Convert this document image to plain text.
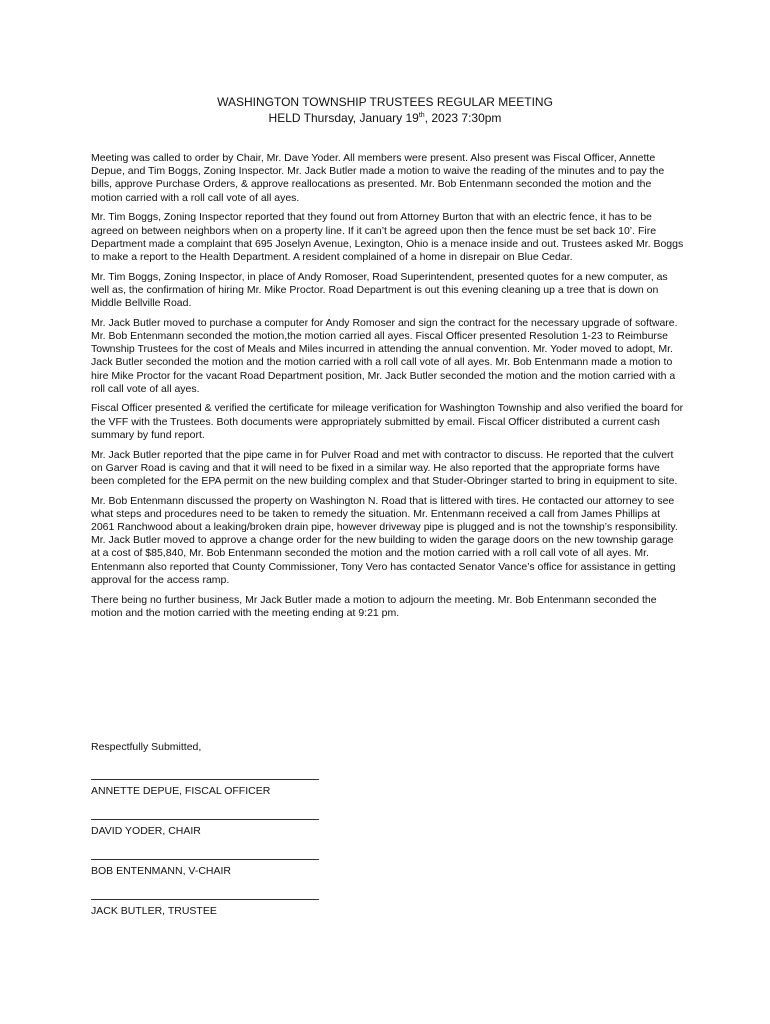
WASHINGTON TOWNSHIP TRUSTEES REGULAR MEETING
HELD Thursday, January 19th, 2023 7:30pm

Meeting was called to order by Chair, Mr. Dave Yoder. All members were present. Also present was Fiscal Officer, Annette Depue, and Tim Boggs, Zoning Inspector. Mr. Jack Butler made a motion to waive the reading of the minutes and to pay the bills, approve Purchase Orders, & approve reallocations as presented. Mr. Bob Entenmann seconded the motion and the motion carried with a roll call vote of all ayes.

Mr. Tim Boggs, Zoning Inspector reported that they found out from Attorney Burton that with an electric fence, it has to be agreed on between neighbors when on a property line. If it can’t be agreed upon then the fence must be set back 10’. Fire Department made a complaint that 695 Joselyn Avenue, Lexington, Ohio is a menace inside and out. Trustees asked Mr. Boggs to make a report to the Health Department. A resident complained of a home in disrepair on Blue Cedar.

Mr. Tim Boggs, Zoning Inspector, in place of Andy Romoser, Road Superintendent, presented quotes for a new computer, as well as, the confirmation of hiring Mr. Mike Proctor. Road Department is out this evening cleaning up a tree that is down on Middle Bellville Road.

Mr. Jack Butler moved to purchase a computer for Andy Romoser and sign the contract for the necessary upgrade of software. Mr. Bob Entenmann seconded the motion,the motion carried all ayes. Fiscal Officer presented Resolution 1-23 to Reimburse Township Trustees for the cost of Meals and Miles incurred in attending the annual convention. Mr. Yoder moved to adopt, Mr. Jack Butler seconded the motion and the motion carried with a roll call vote of all ayes. Mr. Bob Entenmann made a motion to hire Mike Proctor for the vacant Road Department position, Mr. Jack Butler seconded the motion and the motion carried with a roll call vote of all ayes.

Fiscal Officer presented & verified the certificate for mileage verification for Washington Township and also verified the board for the VFF with the Trustees. Both documents were appropriately submitted by email. Fiscal Officer distributed a current cash summary by fund report.

Mr. Jack Butler reported that the pipe came in for Pulver Road and met with contractor to discuss. He reported that the culvert on Garver Road is caving and that it will need to be fixed in a similar way. He also reported that the appropriate forms have been completed for the EPA permit on the new building complex and that Studer-Obringer started to bring in equipment to site.

Mr. Bob Entenmann discussed the property on Washington N. Road that is littered with tires. He contacted our attorney to see what steps and procedures need to be taken to remedy the situation. Mr. Entenmann received a call from James Phillips at 2061 Ranchwood about a leaking/broken drain pipe, however driveway pipe is plugged and is not the township’s responsibility. Mr. Jack Butler moved to approve a change order for the new building to widen the garage doors on the new township garage at a cost of $85,840, Mr. Bob Entenmann seconded the motion and the motion carried with a roll call vote of all ayes. Mr. Entenmann also reported that County Commissioner, Tony Vero has contacted Senator Vance’s office for assistance in getting approval for the access ramp.

There being no further business, Mr Jack Butler made a motion to adjourn the meeting. Mr. Bob Entenmann seconded the motion and the motion carried with the meeting ending at 9:21 pm.

Respectfully Submitted,
ANNETTE DEPUE, FISCAL OFFICER
DAVID YODER, CHAIR
BOB ENTENMANN, V-CHAIR
JACK BUTLER, TRUSTEE
